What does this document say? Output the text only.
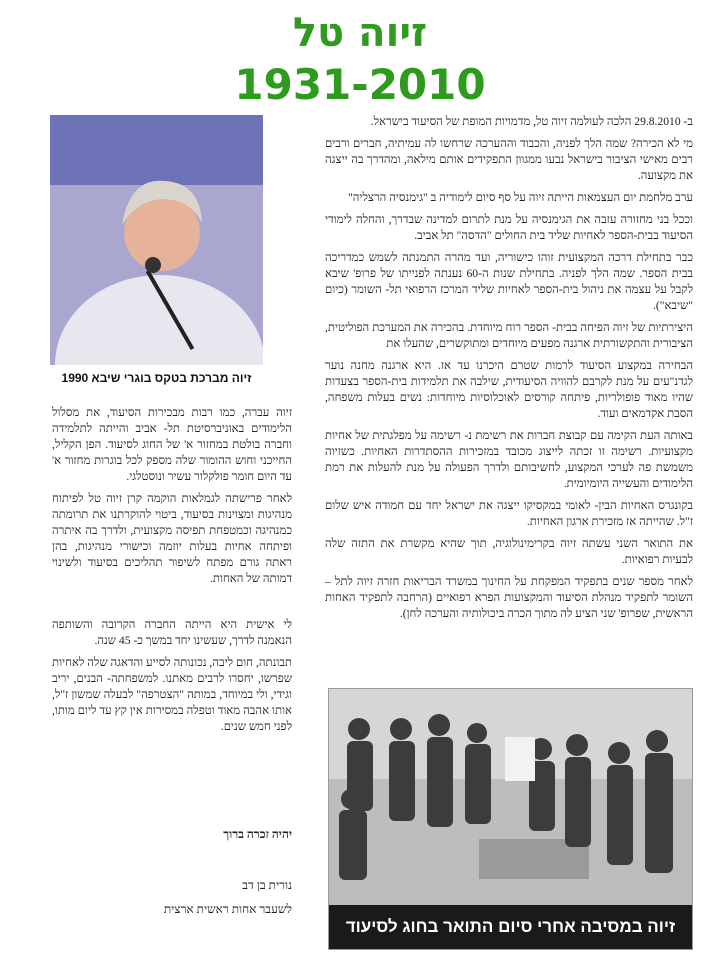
זיוה טל
1931-2010
זיוה מברכת בטקס בוגרי שיבא 1990

ב- 29.8.2010 הלכה לעולמה זיוה טל, מדמויות המופת של הסיעוד בישראל.

מי לא הכירה? שמה הלך לפניה, והכבוד וההערכה שרחשו לה עמיתיה, חברים ורבים רבים מאישי הציבור בישראל נבעו ממגוון התפקידים אותם מילאה, ומהדרך בה ייצגה את מקצועה.

ערב מלחמת יום העצמאות הייתה זיוה על סף סיום לימודיה ב "גימנסיה הרצליה"

וככל בני מחזורה עזבה את הגימנסיה על מנת לתרום למדינה שבדרך, והחלה לימודי הסיעוד בבית-הספר לאחיות שליד בית החולים "הדסה" תל אביב.

כבר בתחילת דרכה המקצועית זוהו כישוריה, ועד מהרה התמנתה לשמש כמדריכה בבית הספר. שמה הלך לפניה. בתחילת שנות ה-60 נענתה לפנייתו של פרופ' שיבא לקבל על עצמה את ניהול בית-הספר לאחיות שליד המרכז הרפואי תל- השומר (כיום "שיבא").

היצירתיות של זיוה הפיחה בבית- הספר רוח מיוחדת. בהכירה את המערכת הפוליטית, הציבורית והתקשורתית ארגנה מפעים מיוחדים ומתוקשרים, שהעלו את

הבחירה במקצוע הסיעוד לרמות שטרם היכרנו עד אז. היא ארגנה מחנה נוער לגדנ"עים על מנת לקרבם להוויה הסיעודית, שילבה את תלמידות בית-הספר בצעדות שהיו מאוד פופולריות, פיתחה קורסים לאוכלוסיות מיוחדות: נשים בעלות משפחה, הסבת אקדמאים ועוד.

באותה העת הקימה עם קבוצת חברות את רשימת נ- רשימה על מפלגתית של אחיות מקצועיות. רשימה זו זכתה לייצוג מכובד במזכירות ההסתדרות האחיות. כשזיוה משמשת פה לערכי המקצוע, לחשיבותם ולדרך הפעולה על מנת להעלות את רמת הלימודים והעשייה היומיומית.

בקונגרס האחיות הבין- לאומי במקסיקו ייצגה את ישראל יחד עם חמודה איש שלום ז"ל. שהייתה אז מזכירת ארגון האחיות.

את התואר השני עשתה זיוה בקרימינולוגיה, תוך שהיא מקשרת את התזה שלה לבעיות רפואיות.

לאחר מספר שנים בתפקיד המפקחת על החינוך במשרד הבריאות חזרה זיוה לתל – השומר לתפקיד מנהלת הסיעוד והמקצועות הפרא רפואיים (הרחבה לתפקיד האחות הראשית, שפרופ' שני הציע לה מתוך הכרה ביכולותיה והערכה לחן).

זיוה עברה, כמו רבות מבכירות הסיעוד, את מסלול הלימודים באוניברסיטת תל- אביב והייתה לתלמידה וחברה בולטת במחזור א' של החוג לסיעוד. הפן הקליל, החייכני וחוש ההומור שלה מספק לכל בוגרות מחזור א' עד היום חומר פולקלור עשיר ונוסטלגי.

לאחר פרישתה לגמלאות הוקמה קרן זיוה טל לפיתוח מנהיגות ומצוינות בסיעוד, ביטוי להוקרתנו את תרומתה כמנהיגה וכמטפחת תפיסה מקצועית, ולדרך בה איתרה ופיתחה אחיות בעלות יוזמה וכישורי מנהיגות, בהן ראתה גורם מפתח לשיפור תהליכים בסיעוד ולשינוי דמותה של האחות.

לי אישית היא הייתה החברה הקרובה והשותפה הנאמנה לדרך, שעשינו יחד במשך כ- 45 שנה.

תבונתה, חום ליבה, נכונותה לסייע והדאגה שלה לאחיות שפרשו, יחסרו לרבים מאתנו. למשפחתה- הבנים, יריב וגידי, ולי במיוחד, במותה "הצטרפה" לבעלה שמשון ז"ל, אותו אהבה מאוד וטפלה במסירות אין קץ עד ליום מותו, לפני חמש שנים.

יהיה זכרה ברוך
נורית בן דב
לשעבר אחות ראשית ארצית
זיוה במסיבה אחרי סיום התואר בחוג לסיעוד
